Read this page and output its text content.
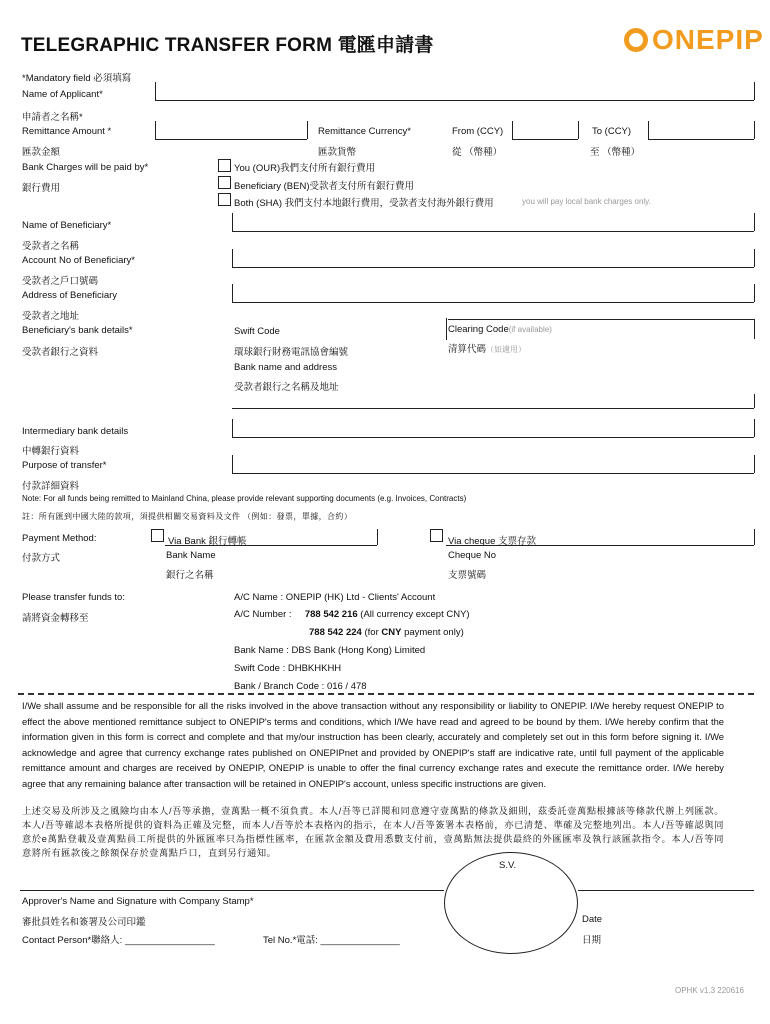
TELEGRAPHIC TRANSFER FORM 電匯申請書	ONEPIP
*Mandatory field 必須填寫
Name of Applicant*
申請者之名稱*
Remittance Amount *
匯款金額
Remittance Currency*
匯款貨幣
From (CCY)
從 （幣種）
To (CCY)
至 （幣種）
Bank Charges will be paid by*
銀行費用
You (OUR)我們支付所有銀行費用
Beneficiary (BEN)受款者支付所有銀行費用
Both (SHA) 我們支付本地銀行費用，受款者支付海外銀行費用	you will pay local bank charges only.
Name of Beneficiary*
受款者之名稱
Account No of Beneficiary*
受款者之戶口號碼
Address of Beneficiary
受款者之地址
Beneficiary's bank details*
受款者銀行之資料
Swift Code
環球銀行財務電訊協會編號
Clearing Code(if available)
清算代碼（如適用）
Bank name and address
受款者銀行之名稱及地址
Intermediary bank details
中轉銀行資料
Purpose of transfer*
付款詳細資料
Note: For all funds being remitted to Mainland China, please provide relevant supporting documents (e.g. Invoices, Contracts)
註：所有匯到中國大陸的款項，須提供相關交易資料及文件 （例如：發票，單據，合約）
Payment Method:
付款方式
Via Bank 銀行轉帳
Bank Name
銀行之名稱
Via cheque 支票存款
Cheque No
支票號碼
Please transfer funds to:
請將資金轉移至
A/C Name : ONEPIP (HK) Ltd - Clients' Account
A/C Number : 788 542 216 (All currency except CNY)
788 542 224 (for CNY payment only)
Bank Name : DBS Bank (Hong Kong) Limited
Swift Code : DHBKHKHH
Bank / Branch Code : 016 / 478
I/We shall assume and be responsible for all the risks involved in the above transaction without any responsibility or liability to ONEPIP. I/We hereby request ONEPIP to effect the above mentioned remittance subject to ONEPIP's terms and conditions, which I/We have read and agreed to be bound by them. I/We hereby confirm that the information given in this form is correct and complete and that my/our instruction has been clearly, accurately and completely set out in this form before signing it. I/We acknowledge and agree that currency exchange rates published on ONEPIPnet and provided by ONEPIP's staff are indicative rate, until full payment of the applicable remittance amount and charges are received by ONEPIP, ONEPIP is unable to offer the final currency exchange rates and execute the remittance order. I/We hereby agree that any remaining balance after transaction will be retained in ONEPIP's account, unless specific instructions are given.
上述交易及所涉及之風險均由本人/吾等承擔，壹萬點一概不須負責。本人/吾等已詳閱和同意遵守壹萬點的條款及細則，茲委託壹萬點根據該等條款代辦上列匯款。本人/吾等確認本表格所提供的資料為正確及完整，而本人/吾等於本表格內的指示，在本人/吾等簽署本表格前，亦已清楚、準確及完整地列出。本人/吾等確認與同意於e萬點登載及壹萬點員工所提供的外匯匯率只為指標性匯率，在匯款金額及費用悉數支付前，壹萬點無法提供最終的外匯匯率及執行該匯款指令。本人/吾等同意將所有匯款後之餘額保存於壹萬點戶口，直到另行通知。
Approver's Name and Signature with Company Stamp*
審批員姓名和簽署及公司印鑑
Contact Person*聯絡人: _________________	Tel No.*電話: _______________
S.V.
Date
日期
OPHK v1.3 220616
